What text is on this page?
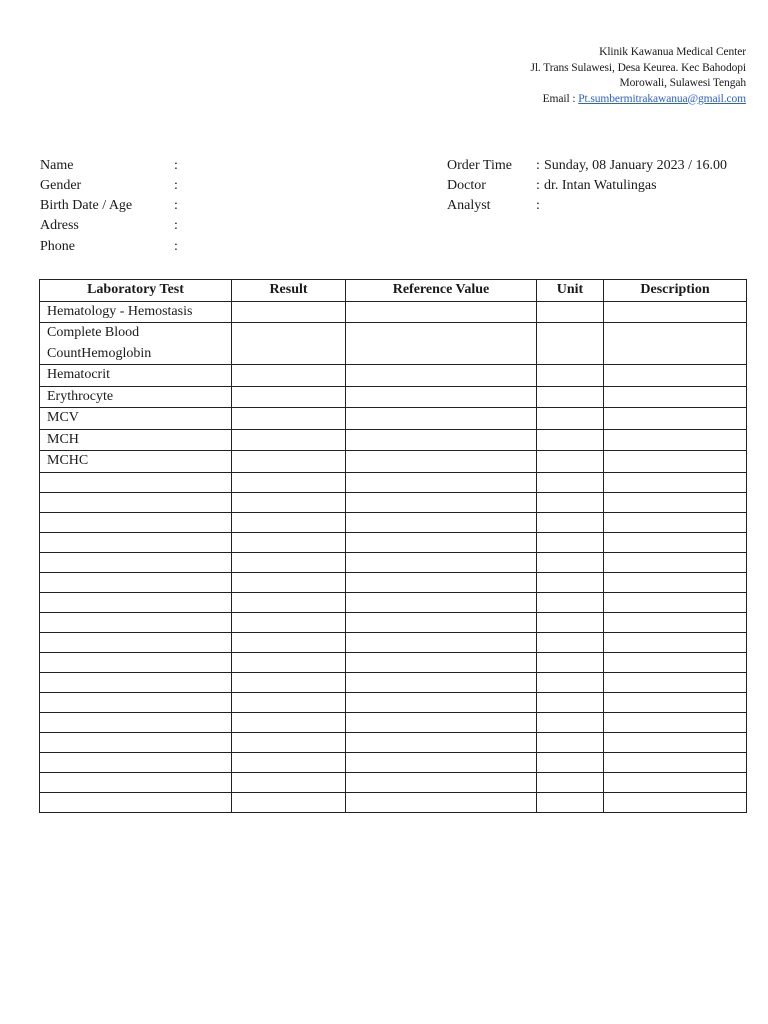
Klinik Kawanua Medical Center
Jl. Trans Sulawesi, Desa Keurea. Kec Bahodopi
Morowali, Sulawesi Tengah
Email : Pt.sumbermitrakawanua@gmail.com
Name	:
Gender	:
Birth Date / Age	:
Adress	:
Phone	:
Order Time : Sunday, 08 January 2023 / 16.00
Doctor	: dr. Intan Watulingas
Analyst	:
Laboratory Test	Result	Reference Value	Unit	Description
Hematology - Hemostasis				
Complete Blood CountHemoglobin				
Hematocrit				
Erythrocyte				
MCV				
MCH				
MCHC				
